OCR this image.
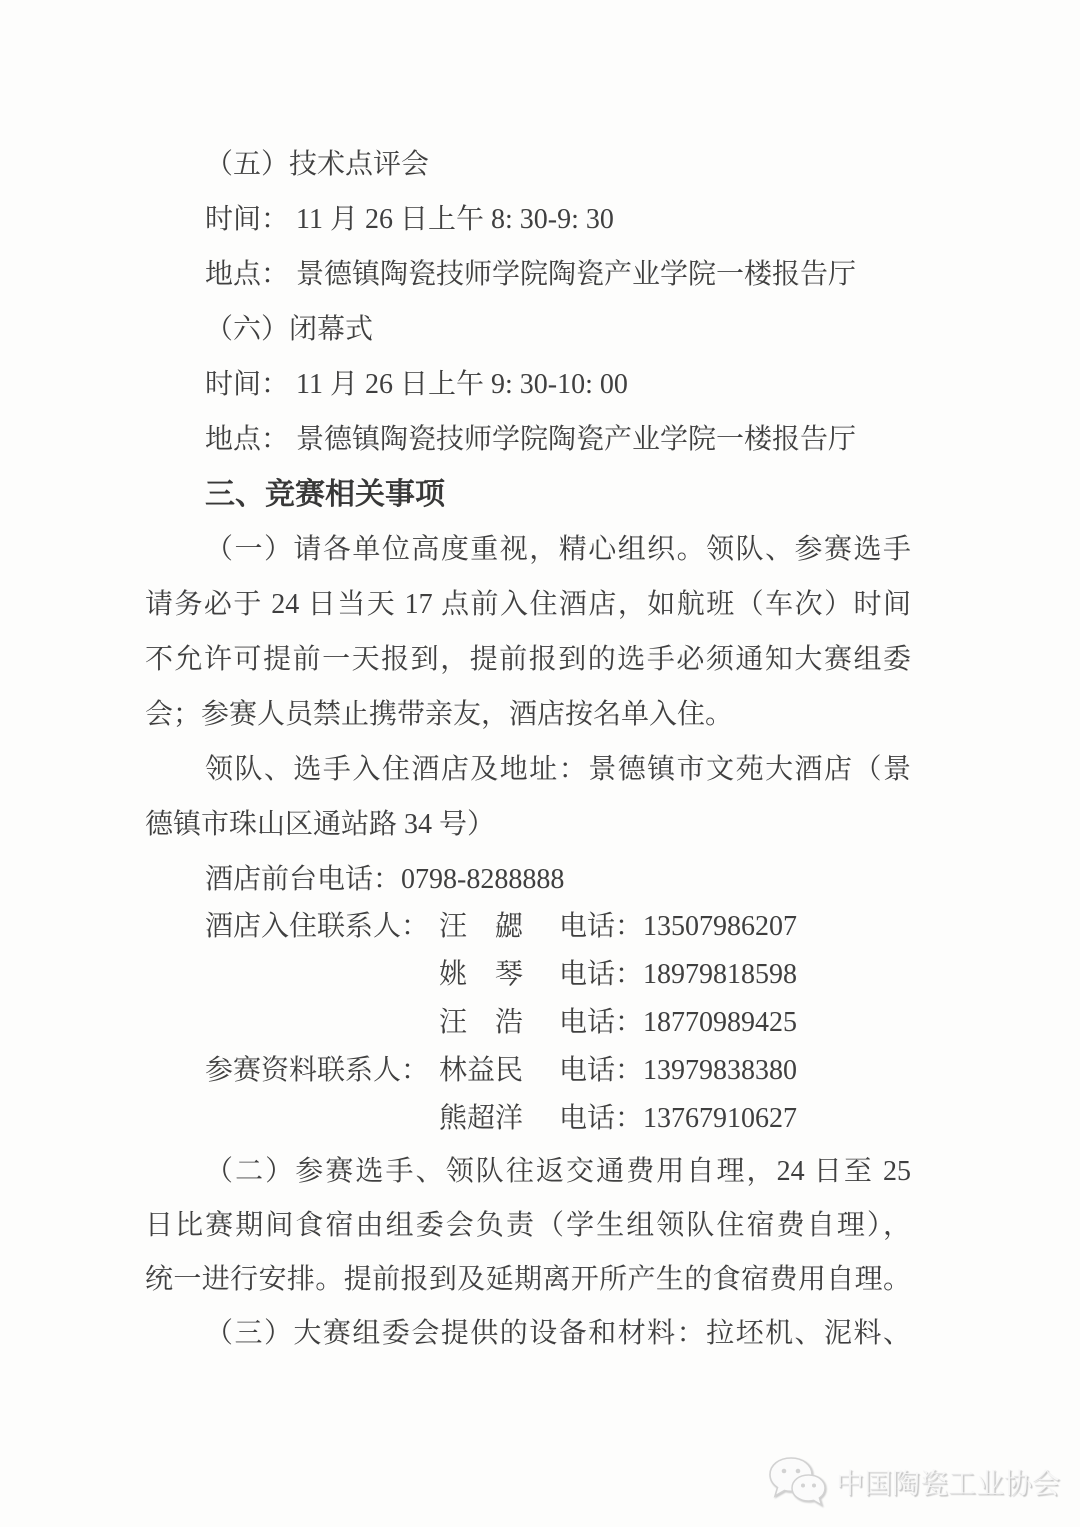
（五）技术点评会
时间： 11 月 26 日上午 8: 30-9: 30
地点： 景德镇陶瓷技师学院陶瓷产业学院一楼报告厅
（六）闭幕式
时间： 11 月 26 日上午 9: 30-10: 00
地点： 景德镇陶瓷技师学院陶瓷产业学院一楼报告厅
三、竞赛相关事项
（一）请各单位高度重视，精心组织。领队、参赛选手
请务必于 24 日当天 17 点前入住酒店，如航班（车次）时间
不允许可提前一天报到，提前报到的选手必须通知大赛组委
会；参赛人员禁止携带亲友，酒店按名单入住。
领队、选手入住酒店及地址：景德镇市文苑大酒店（景
德镇市珠山区通站路 34 号）
酒店前台电话：0798-8288888
酒店入住联系人： 汪　勰 电话：13507986207
姚　琴 电话：18979818598
汪　浩 电话：18770989425
参赛资料联系人： 林益民 电话：13979838380
熊超洋 电话：13767910627
（二）参赛选手、领队往返交通费用自理，24 日至 25
日比赛期间食宿由组委会负责（学生组领队住宿费自理），
统一进行安排。提前报到及延期离开所产生的食宿费用自理。
（三）大赛组委会提供的设备和材料：拉坯机、泥料、
中国陶瓷工业协会
